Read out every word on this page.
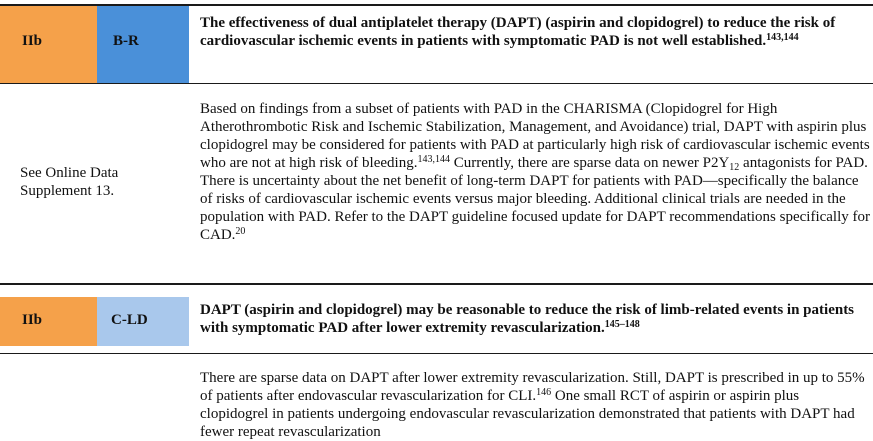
IIb	B-R
The effectiveness of dual antiplatelet therapy (DAPT) (aspirin and clopidogrel) to reduce the risk of cardiovascular ischemic events in patients with symptomatic PAD is not well established.$^{143,144}$
See Online Data Supplement 13.
Based on findings from a subset of patients with PAD in the CHARISMA (Clopidogrel for High Atherothrombotic Risk and Ischemic Stabilization, Management, and Avoidance) trial, DAPT with aspirin plus clopidogrel may be considered for patients with PAD at particularly high risk of cardiovascular ischemic events who are not at high risk of bleeding.$^{143,144}$ Currently, there are sparse data on newer $P2Y_{12}$ antagonists for PAD. There is uncertainty about the net benefit of long-term DAPT for patients with PAD—specifically the balance of risks of cardiovascular ischemic events versus major bleeding. Additional clinical trials are needed in the population with PAD. Refer to the DAPT guideline focused update for DAPT recommendations specifically for CAD.$^{20}$
IIb	C-LD
DAPT (aspirin and clopidogrel) may be reasonable to reduce the risk of limb-related events in patients with symptomatic PAD after lower extremity revascularization.$^{145-148}$
There are sparse data on DAPT after lower extremity revascularization. Still, DAPT is prescribed in up to 55% of patients after endovascular revascularization for CLI.$^{146}$ One small RCT of aspirin or aspirin plus clopidogrel in patients undergoing endovascular revascularization demonstrated that patients with DAPT had fewer repeat revascularization
